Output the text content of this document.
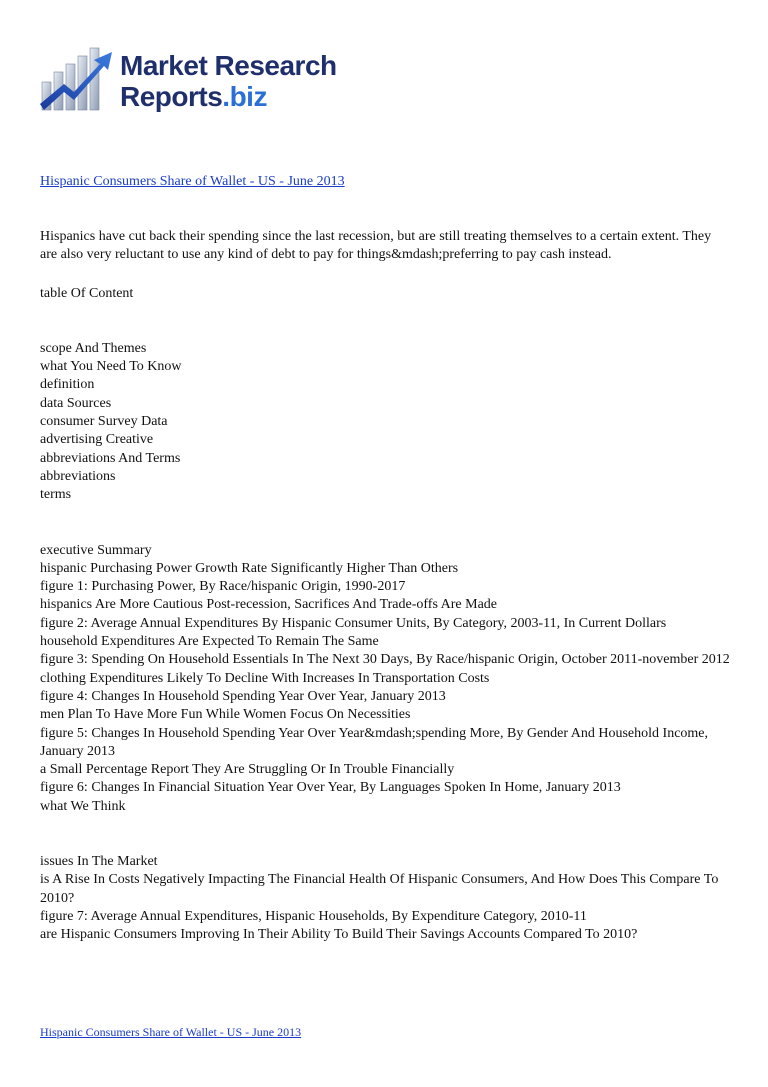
Market Research
Reports.biz
Hispanic Consumers Share of Wallet - US - June 2013

Hispanics have cut back their spending since the last recession, but are still treating themselves to a certain extent. They are also very reluctant to use any kind of debt to pay for things&mdash;preferring to pay cash instead.

table Of Content

scope And Themes

what You Need To Know

definition

data Sources

consumer Survey Data

advertising Creative

abbreviations And Terms

abbreviations

terms

executive Summary

hispanic Purchasing Power Growth Rate Significantly Higher Than Others

figure 1: Purchasing Power, By Race/hispanic Origin, 1990-2017

hispanics Are More Cautious Post-recession, Sacrifices And Trade-offs Are Made

figure 2: Average Annual Expenditures By Hispanic Consumer Units, By Category, 2003-11, In Current Dollars

household Expenditures Are Expected To Remain The Same

figure 3: Spending On Household Essentials In The Next 30 Days, By Race/hispanic Origin, October 2011-november 2012

clothing Expenditures Likely To Decline With Increases In Transportation Costs

figure 4: Changes In Household Spending Year Over Year, January 2013

men Plan To Have More Fun While Women Focus On Necessities

figure 5: Changes In Household Spending Year Over Year&mdash;spending More, By Gender And Household Income, January 2013

a Small Percentage Report They Are Struggling Or In Trouble Financially

figure 6: Changes In Financial Situation Year Over Year, By Languages Spoken In Home, January 2013

what We Think

issues In The Market

is A Rise In Costs Negatively Impacting The Financial Health Of Hispanic Consumers, And How Does This Compare To 2010?

figure 7: Average Annual Expenditures, Hispanic Households, By Expenditure Category, 2010-11

are Hispanic Consumers Improving In Their Ability To Build Their Savings Accounts Compared To 2010?

Hispanic Consumers Share of Wallet - US - June 2013
